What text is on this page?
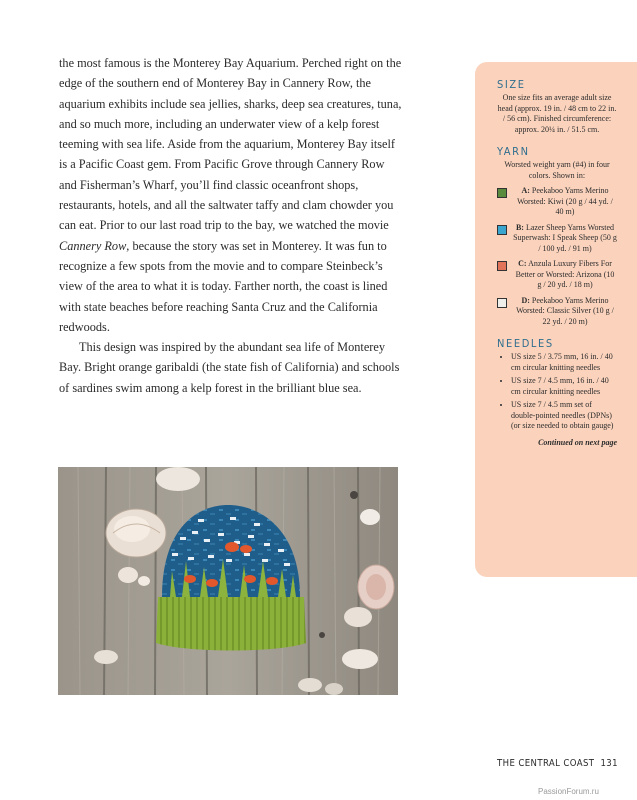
the most famous is the Monterey Bay Aquarium. Perched right on the edge of the southern end of Monterey Bay in Cannery Row, the aquarium exhibits include sea jellies, sharks, deep sea creatures, tuna, and so much more, including an underwater view of a kelp forest teeming with sea life. Aside from the aquarium, Monterey Bay itself is a Pacific Coast gem. From Pacific Grove through Cannery Row and Fisherman’s Wharf, you’ll find classic oceanfront shops, restaurants, hotels, and all the saltwater taffy and clam chowder you can eat. Prior to our last road trip to the bay, we watched the movie Cannery Row, because the story was set in Monterey. It was fun to recognize a few spots from the movie and to compare Steinbeck’s view of the area to what it is today. Farther north, the coast is lined with state beaches before reaching Santa Cruz and the California redwoods.

This design was inspired by the abundant sea life of Monterey Bay. Bright orange garibaldi (the state fish of California) and schools of sardines swim among a kelp forest in the brilliant blue sea.

SIZE
One size fits an average adult size head (approx. 19 in. / 48 cm to 22 in. / 56 cm). Finished circumference: approx. 20¼ in. / 51.5 cm.
YARN
Worsted weight yarn (#4) in four colors. Shown in:
A: Peekaboo Yarns Merino Worsted: Kiwi (20 g / 44 yd. / 40 m)
B: Lazer Sheep Yarns Worsted Superwash: I Speak Sheep (50 g / 100 yd. / 91 m)
C: Anzula Luxury Fibers For Better or Worsted: Arizona (10 g / 20 yd. / 18 m)
D: Peekaboo Yarns Merino Worsted: Classic Silver (10 g / 22 yd. / 20 m)
NEEDLES
• US size 5 / 3.75 mm, 16 in. / 40 cm circular knitting needles
• US size 7 / 4.5 mm, 16 in. / 40 cm circular knitting needles
• US size 7 / 4.5 mm set of double-pointed needles (DPNs) (or size needed to obtain gauge)
Continued on next page
THE CENTRAL COAST 131
PassionForum.ru
